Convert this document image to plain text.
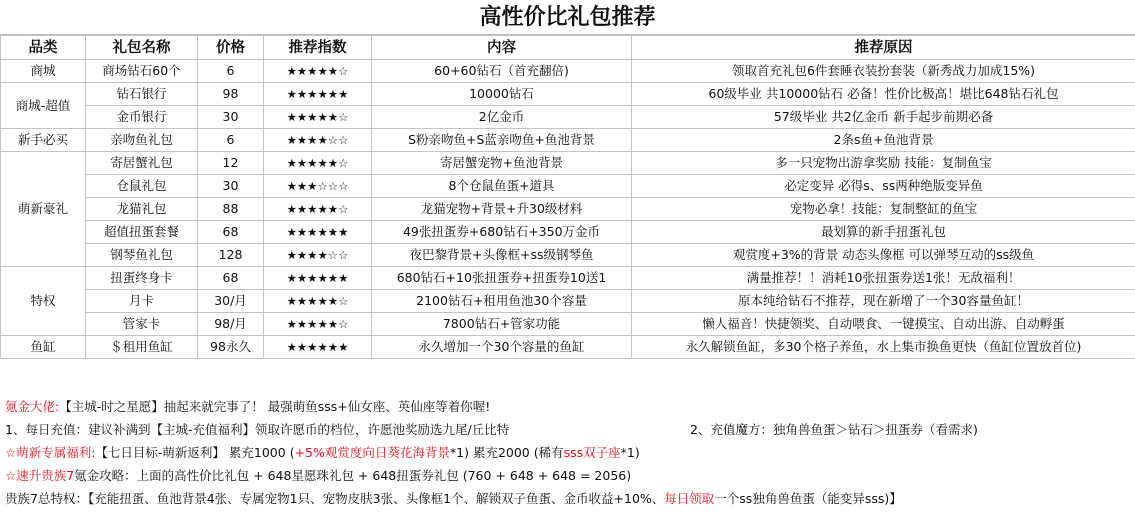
高性价比礼包推荐
品类	礼包名称	价格	推荐指数	内容	推荐原因
商城	商场钻石60个	6	★★★★★☆	60+60钻石（首充翻倍)	领取首充礼包6件套睡衣装扮套装（新秀战力加成15%)
商城-超值	钻石银行	98	★★★★★★	10000钻石	60级毕业 共10000钻石 必备！性价比极高！堪比648钻石礼包
	金币银行	30	★★★★★☆	2亿金币	57级毕业 共2亿金币 新手起步前期必备
新手必买	亲吻鱼礼包	6	★★★★☆☆	S粉亲吻鱼+S蓝亲吻鱼+鱼池背景	2条s鱼+鱼池背景
萌新豪礼	寄居蟹礼包	12	★★★★★☆	寄居蟹宠物+鱼池背景	多一只宠物出游拿奖励 技能：复制鱼宝
	仓鼠礼包	30	★★★☆☆☆	8个仓鼠鱼蛋+道具	必定变异 必得s、ss两种绝版变异鱼
	龙猫礼包	88	★★★★★☆	龙猫宠物+背景+升30级材料	宠物必拿！技能：复制整缸的鱼宝
	超值扭蛋套餐	68	★★★★★★	49张扭蛋券+680钻石+350万金币	最划算的新手扭蛋礼包
	钢琴鱼礼包	128	★★★★☆☆	夜巴黎背景+头像框+ss级钢琴鱼	观赏度+3%的背景 动态头像框 可以弹琴互动的ss级鱼
特权	扭蛋终身卡	68	★★★★★★	680钻石+10张扭蛋券+扭蛋券10送1	满量推荐！！消耗10张扭蛋券送1张！无敌福利！
	月卡	30/月	★★★★★☆	2100钻石+租用鱼池30个容量	原本纯给钻石不推荐，现在新增了一个30容量鱼缸！
	管家卡	98/月	★★★★★☆	7800钻石+管家功能	懒人福音！快捷领奖、自动喂食、一键摸宝、自动出游、自动孵蛋
鱼缸	＄租用鱼缸	98永久	★★★★★★	永久增加一个30个容量的鱼缸	永久解锁鱼缸，多30个格子养鱼，水上集市换鱼更快（鱼缸位置放首位)
氪金大佬:【主城-时之星愿】抽起来就完事了！ 最强萌鱼sss+仙女座、英仙座等着你喔!
1、每日充值：建议补满到【主城-充值福利】领取许愿币的档位，许愿池奖励选九尾/丘比特	2、充值魔方：独角兽鱼蛋＞钻石＞扭蛋券（看需求)
☆萌新专属福利:【七日目标-萌新返利】 累充1000 (+5%观赏度向日葵花海背景*1) 累充2000 (稀有sss双子座*1)
☆速升贵族7氪金攻略：上面的高性价比礼包 + 648星愿珠礼包 + 648扭蛋券礼包 (760 + 648 + 648 = 2056)
贵族7总特权：【充能扭蛋、鱼池背景4张、专属宠物1只、宠物皮肤3张、头像框1个、解锁双子鱼蛋、金币收益+10%、每日领取一个ss独角兽鱼蛋（能变异sss)】
